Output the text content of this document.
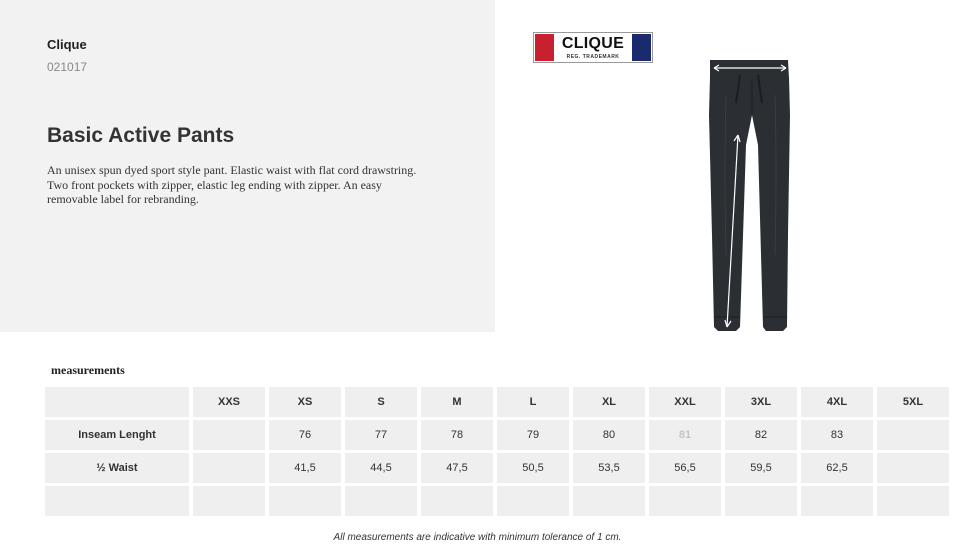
Clique
021017
Basic Active Pants
An unisex spun dyed sport style pant. Elastic waist with flat cord drawstring. Two front pockets with zipper, elastic leg ending with zipper. An easy removable label for rebranding.
CLIQUE
REG. TRADEMARK
measurements
	XXS	XS	S	M	L	XL	XXL	3XL	4XL	5XL
Inseam Lenght		76	77	78	79	80	81	82	83	
½ Waist		41,5	44,5	47,5	50,5	53,5	56,5	59,5	62,5	

All measurements are indicative with minimum tolerance of 1 cm.
